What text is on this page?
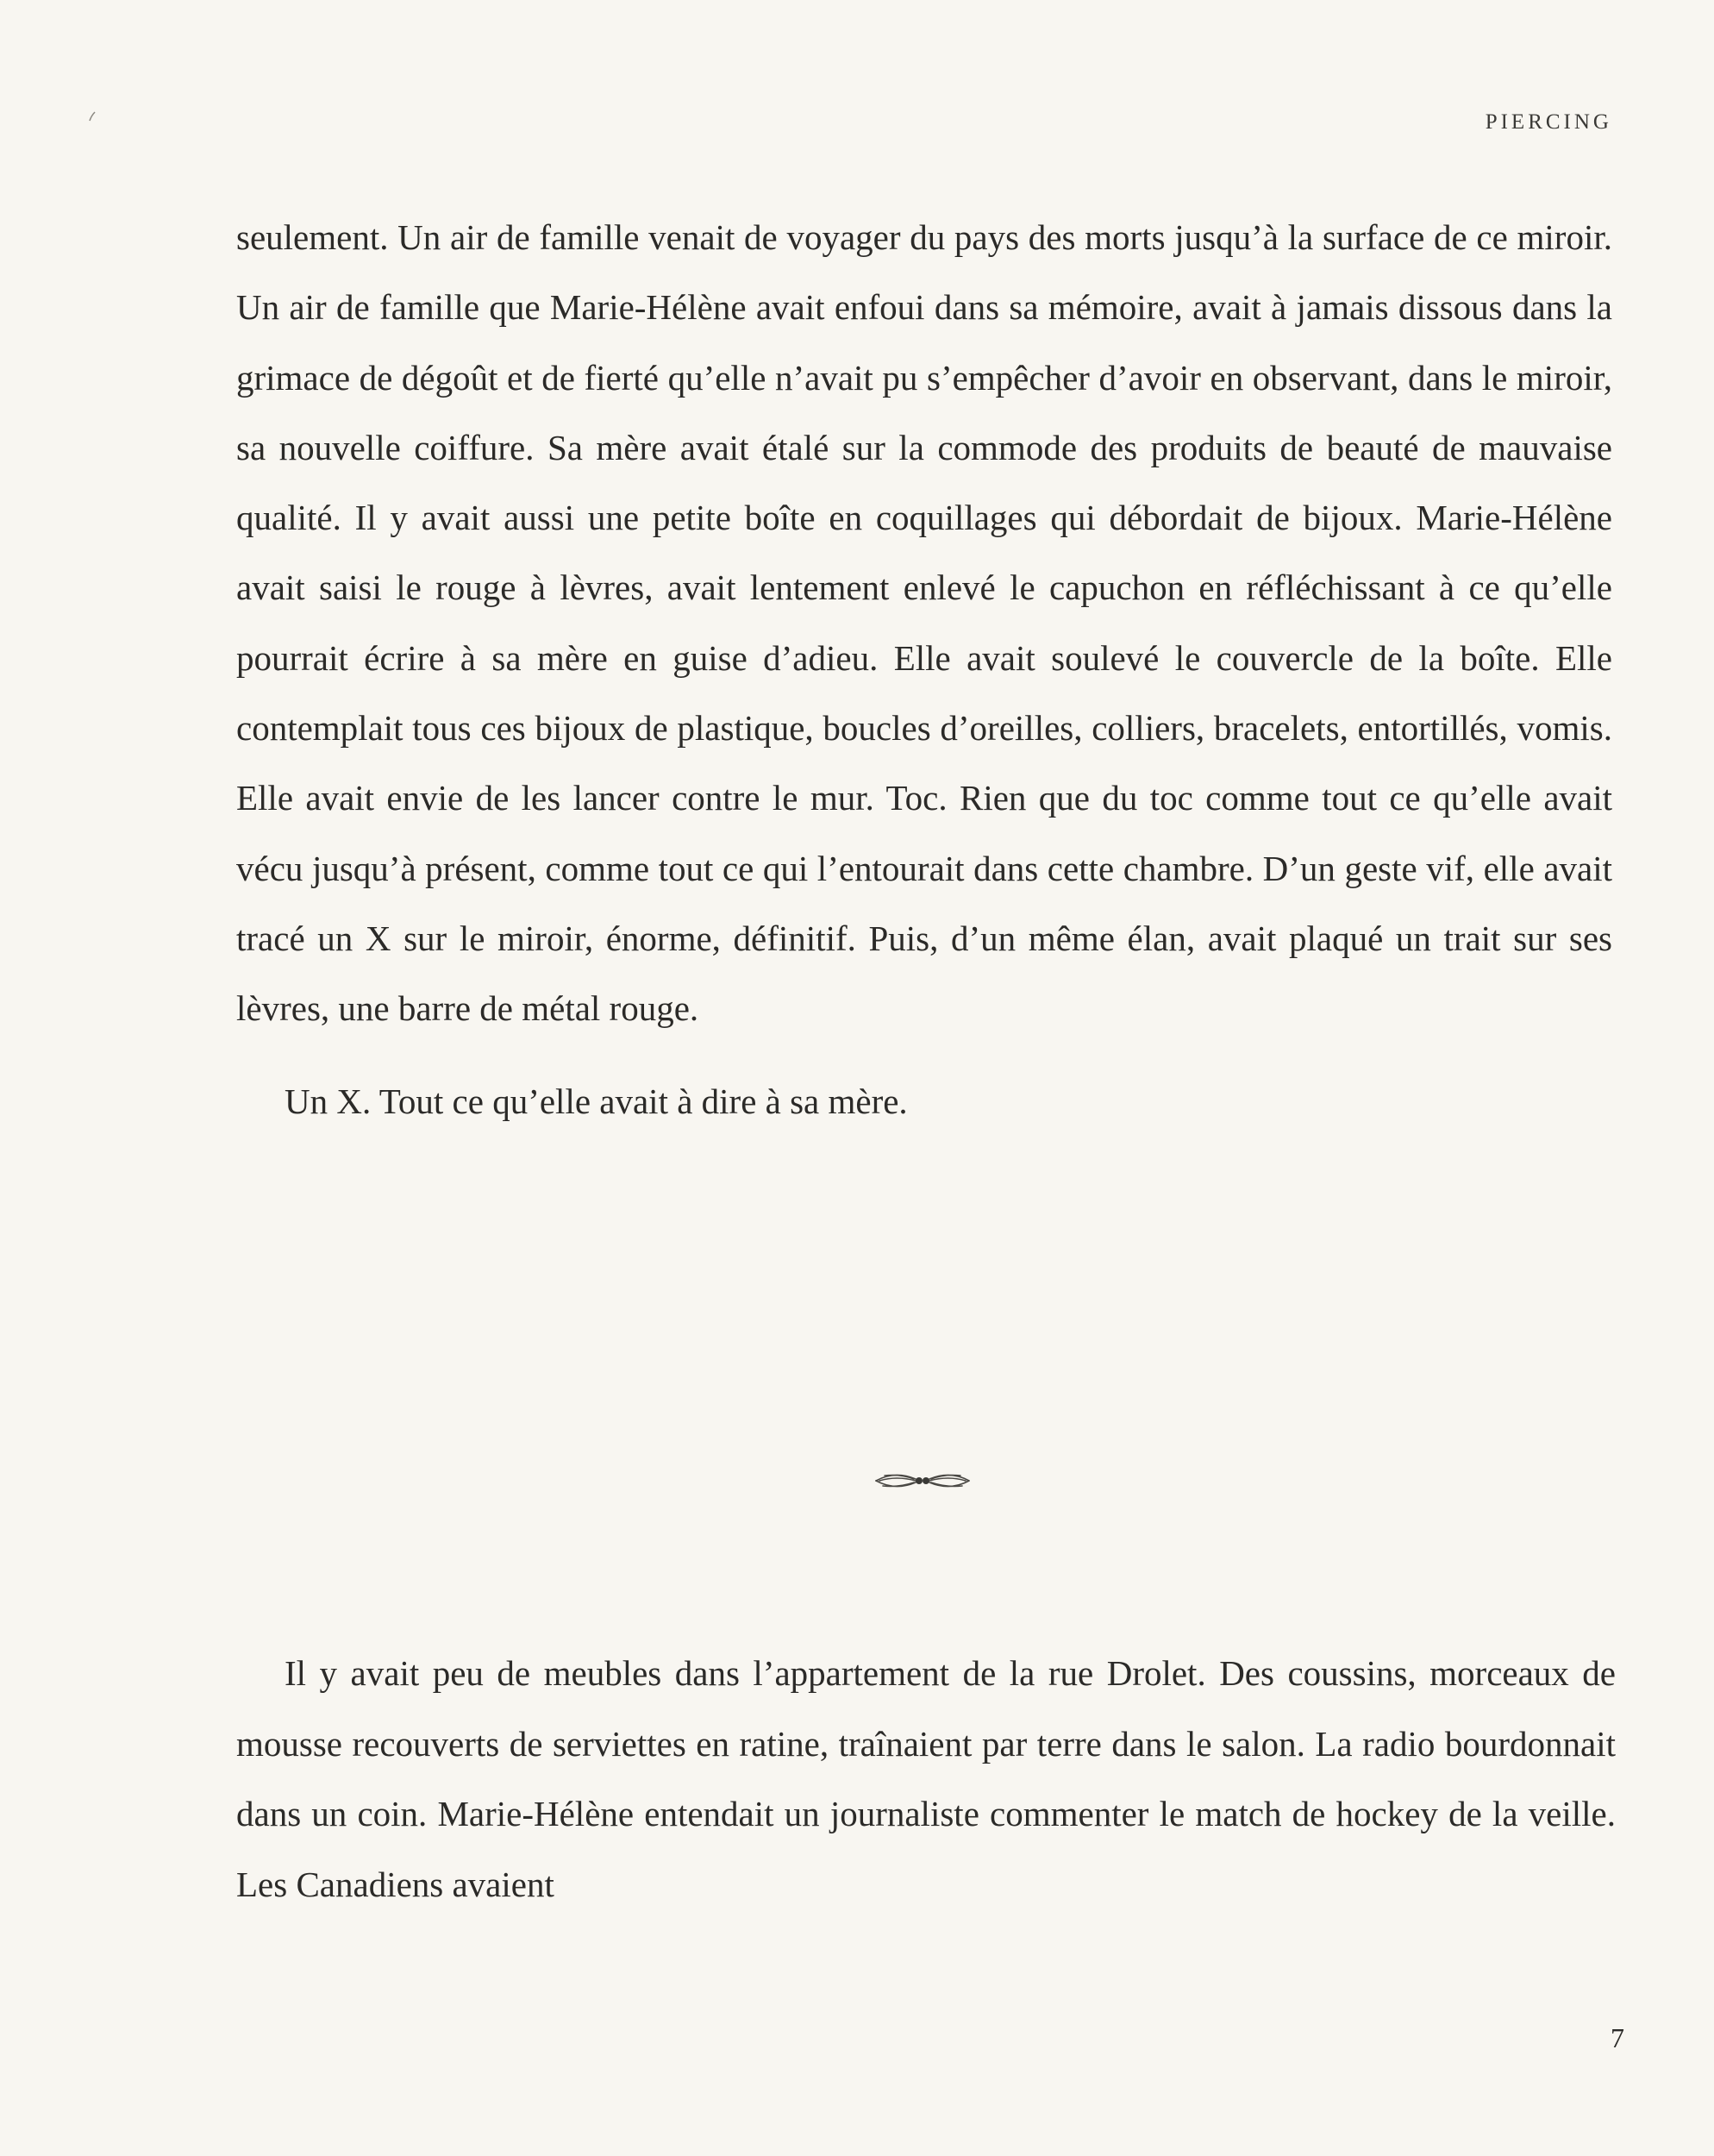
PIERCING

seulement. Un air de famille venait de voyager du pays des morts jusqu’à la surface de ce miroir. Un air de famille que Marie-Hélène avait enfoui dans sa mémoire, avait à jamais dissous dans la grimace de dégoût et de fierté qu’elle n’avait pu s’empêcher d’avoir en observant, dans le miroir, sa nouvelle coiffure. Sa mère avait étalé sur la commode des produits de beauté de mauvaise qualité. Il y avait aussi une petite boîte en coquillages qui débordait de bijoux. Marie-Hélène avait saisi le rouge à lèvres, avait lentement enlevé le capuchon en réfléchissant à ce qu’elle pourrait écrire à sa mère en guise d’adieu. Elle avait soulevé le couvercle de la boîte. Elle contemplait tous ces bijoux de plastique, boucles d’oreilles, colliers, bracelets, entortillés, vomis. Elle avait envie de les lancer contre le mur. Toc. Rien que du toc comme tout ce qu’elle avait vécu jusqu’à présent, comme tout ce qui l’entourait dans cette chambre. D’un geste vif, elle avait tracé un X sur le miroir, énorme, définitif. Puis, d’un même élan, avait plaqué un trait sur ses lèvres, une barre de métal rouge.

Un X. Tout ce qu’elle avait à dire à sa mère.

Il y avait peu de meubles dans l’appartement de la rue Drolet. Des coussins, morceaux de mousse recouverts de serviettes en ratine, traînaient par terre dans le salon. La radio bourdonnait dans un coin. Marie-Hélène entendait un journaliste commenter le match de hockey de la veille. Les Canadiens avaient

7
